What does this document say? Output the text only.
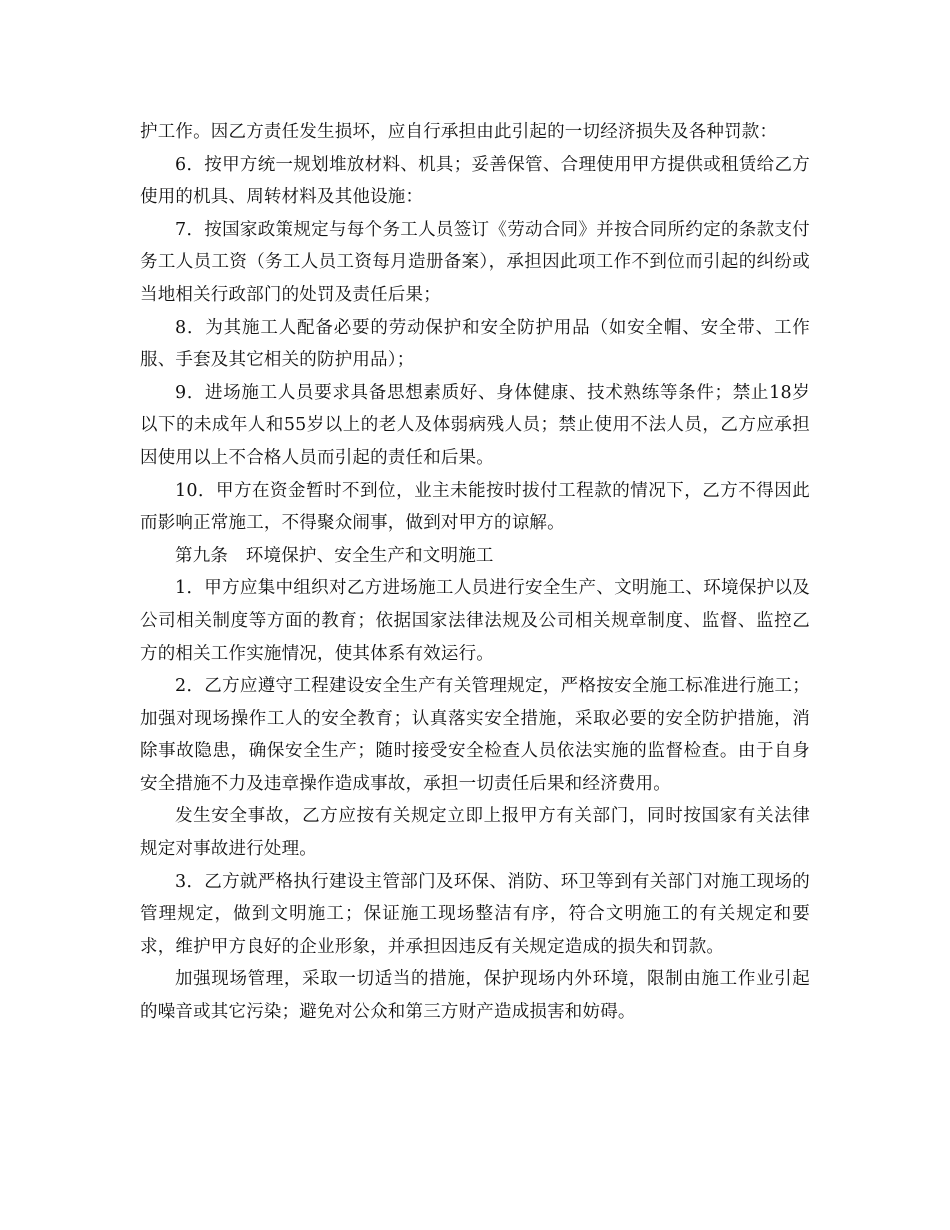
护工作。因乙方责任发生损坏，应自行承担由此引起的一切经济损失及各种罚款：

6．按甲方统一规划堆放材料、机具；妥善保管、合理使用甲方提供或租赁给乙方使用的机具、周转材料及其他设施：

7．按国家政策规定与每个务工人员签订《劳动合同》并按合同所约定的条款支付务工人员工资（务工人员工资每月造册备案），承担因此项工作不到位而引起的纠纷或当地相关行政部门的处罚及责任后果；

8．为其施工人配备必要的劳动保护和安全防护用品（如安全帽、安全带、工作服、手套及其它相关的防护用品）；

9．进场施工人员要求具备思想素质好、身体健康、技术熟练等条件；禁止18岁以下的未成年人和55岁以上的老人及体弱病残人员；禁止使用不法人员，乙方应承担因使用以上不合格人员而引起的责任和后果。

10．甲方在资金暂时不到位，业主未能按时拔付工程款的情况下，乙方不得因此而影响正常施工，不得聚众闹事，做到对甲方的谅解。

第九条　环境保护、安全生产和文明施工

1．甲方应集中组织对乙方进场施工人员进行安全生产、文明施工、环境保护以及公司相关制度等方面的教育；依据国家法律法规及公司相关规章制度、监督、监控乙方的相关工作实施情况，使其体系有效运行。

2．乙方应遵守工程建设安全生产有关管理规定，严格按安全施工标准进行施工；加强对现场操作工人的安全教育；认真落实安全措施，采取必要的安全防护措施，消除事故隐患，确保安全生产；随时接受安全检查人员依法实施的监督检查。由于自身安全措施不力及违章操作造成事故，承担一切责任后果和经济费用。

发生安全事故，乙方应按有关规定立即上报甲方有关部门，同时按国家有关法律规定对事故进行处理。

3．乙方就严格执行建设主管部门及环保、消防、环卫等到有关部门对施工现场的管理规定，做到文明施工；保证施工现场整洁有序，符合文明施工的有关规定和要求，维护甲方良好的企业形象，并承担因违反有关规定造成的损失和罚款。

加强现场管理，采取一切适当的措施，保护现场内外环境，限制由施工作业引起的噪音或其它污染；避免对公众和第三方财产造成损害和妨碍。
